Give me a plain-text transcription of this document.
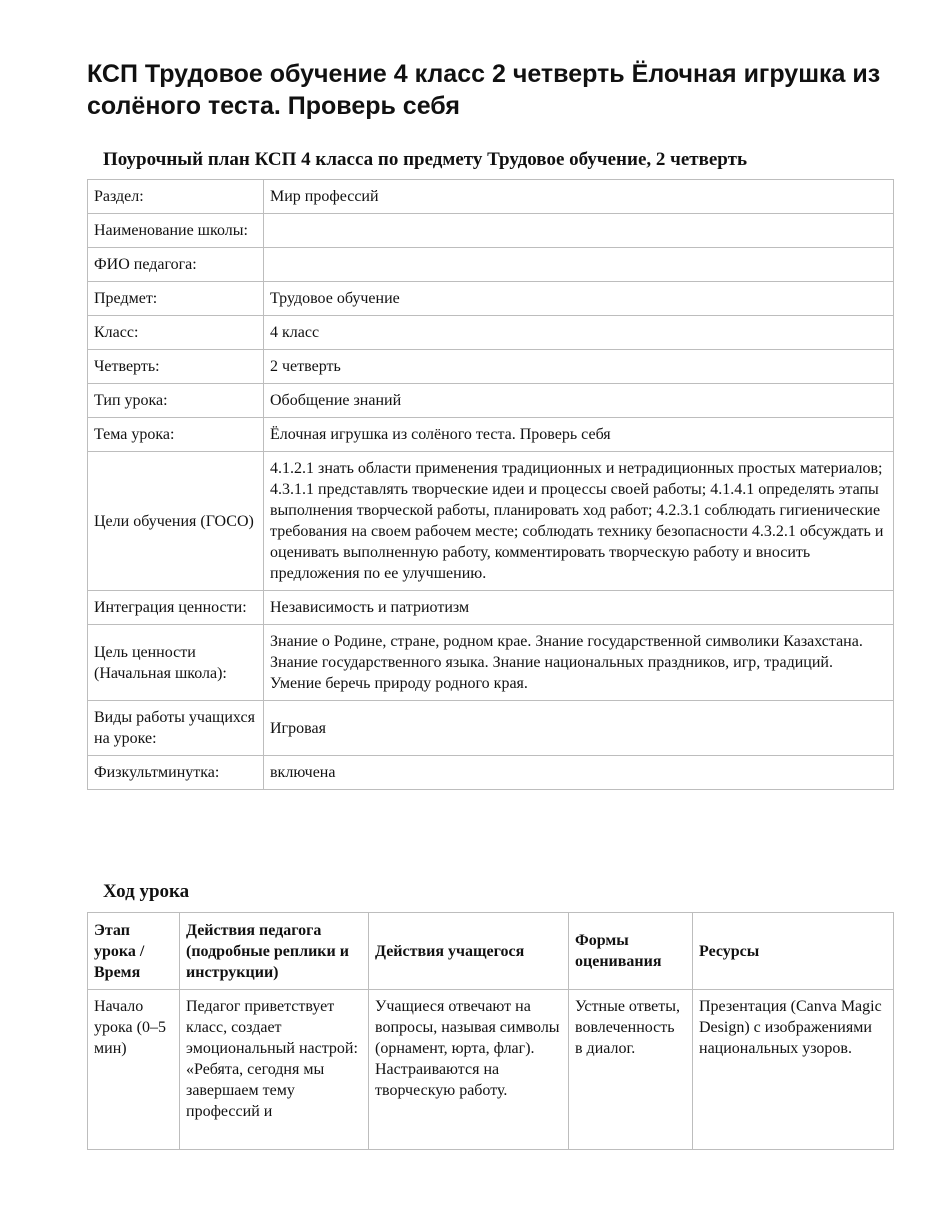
КСП Трудовое обучение 4 класс 2 четверть Ёлочная игрушка из солёного теста. Проверь себя
Поурочный план КСП 4 класса по предмету Трудовое обучение, 2 четверть
Раздел:	Мир профессий
Наименование школы:	
ФИО педагога:	
Предмет:	Трудовое обучение
Класс:	4 класс
Четверть:	2 четверть
Тип урока:	Обобщение знаний
Тема урока:	Ёлочная игрушка из солёного теста. Проверь себя
Цели обучения (ГОСО)	4.1.2.1 знать области применения традиционных и нетрадиционных простых материалов; 4.3.1.1 представлять творческие идеи и процессы своей работы; 4.1.4.1 определять этапы выполнения творческой работы, планировать ход работ; 4.2.3.1 соблюдать гигиенические требования на своем рабочем месте; соблюдать технику безопасности 4.3.2.1 обсуждать и оценивать выполненную работу, комментировать творческую работу и вносить предложения по ее улучшению.
Интеграция ценности:	Независимость и патриотизм
Цель ценности (Начальная школа):	Знание о Родине, стране, родном крае. Знание государственной символики Казахстана. Знание государственного языка. Знание национальных праздников, игр, традиций. Умение беречь природу родного края.
Виды работы учащихся на уроке:	Игровая
Физкультминутка:	включена
Ход урока
Этап урока / Время	Действия педагога (подробные реплики и инструкции)	Действия учащегося	Формы оценивания	Ресурсы
Начало урока (0–5 мин)	Педагог приветствует класс, создает эмоциональный настрой: «Ребята, сегодня мы завершаем тему профессий и	Учащиеся отвечают на вопросы, называя символы (орнамент, юрта, флаг). Настраиваются на творческую работу.	Устные ответы, вовлеченность в диалог.	Презентация (Canva Magic Design) с изображениями национальных узоров.
